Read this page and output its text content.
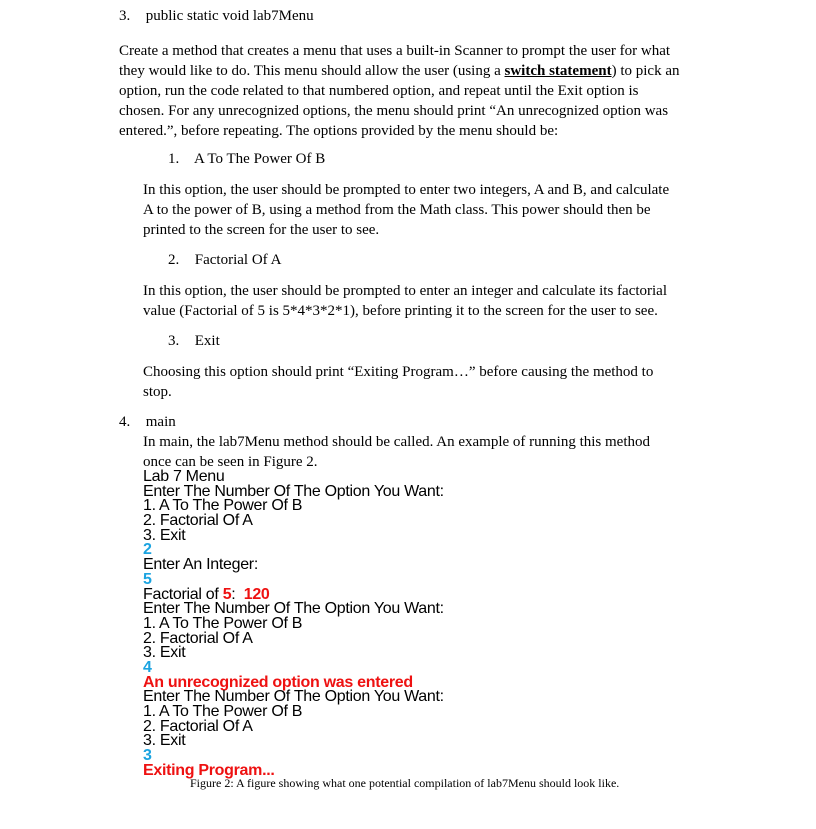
3. public static void lab7Menu
Create a method that creates a menu that uses a built-in Scanner to prompt the user for what
they would like to do. This menu should allow the user (using a switch statement) to pick an
option, run the code related to that numbered option, and repeat until the Exit option is
chosen. For any unrecognized options, the menu should print “An unrecognized option was
entered.”, before repeating. The options provided by the menu should be:
1. A To The Power Of B
In this option, the user should be prompted to enter two integers, A and B, and calculate
A to the power of B, using a method from the Math class. This power should then be
printed to the screen for the user to see.
2. Factorial Of A
In this option, the user should be prompted to enter an integer and calculate its factorial
value (Factorial of 5 is 5*4*3*2*1), before printing it to the screen for the user to see.
3. Exit
Choosing this option should print “Exiting Program…” before causing the method to
stop.
4. main
In main, the lab7Menu method should be called. An example of running this method
once can be seen in Figure 2.
Lab 7 Menu
Enter The Number Of The Option You Want:
1. A To The Power Of B
2. Factorial Of A
3. Exit
2
Enter An Integer:
5
Factorial of 5:  120
Enter The Number Of The Option You Want:
1. A To The Power Of B
2. Factorial Of A
3. Exit
4
An unrecognized option was entered
Enter The Number Of The Option You Want:
1. A To The Power Of B
2. Factorial Of A
3. Exit
3
Exiting Program...
Figure 2: A figure showing what one potential compilation of lab7Menu should look like.
